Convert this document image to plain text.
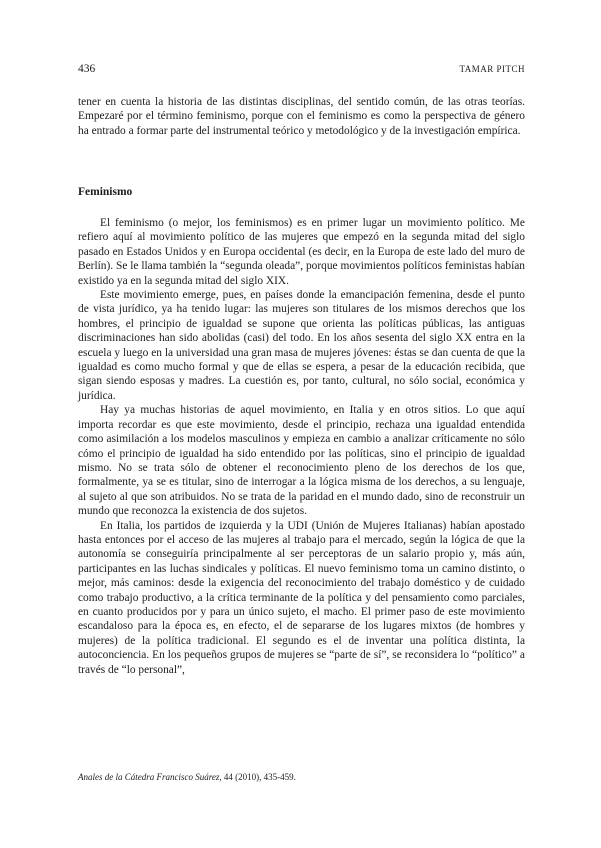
436	TAMAR PITCH

tener en cuenta la historia de las distintas disciplinas, del sentido común, de las otras teorías. Empezaré por el término feminismo, porque con el feminismo es como la perspectiva de género ha entrado a formar parte del instrumental teórico y metodológico y de la investigación empírica.

Feminismo

El feminismo (o mejor, los feminismos) es en primer lugar un movimiento político. Me refiero aquí al movimiento político de las mujeres que empezó en la segunda mitad del siglo pasado en Estados Unidos y en Europa occidental (es decir, en la Europa de este lado del muro de Berlín). Se le llama también la “segunda oleada”, porque movimientos políticos feministas habían existido ya en la segunda mitad del siglo XIX.

Este movimiento emerge, pues, en países donde la emancipación femenina, desde el punto de vista jurídico, ya ha tenido lugar: las mujeres son titulares de los mismos derechos que los hombres, el principio de igualdad se supone que orienta las políticas públicas, las antiguas discriminaciones han sido abolidas (casi) del todo. En los años sesenta del siglo XX entra en la escuela y luego en la universidad una gran masa de mujeres jóvenes: éstas se dan cuenta de que la igualdad es como mucho formal y que de ellas se espera, a pesar de la educación recibida, que sigan siendo esposas y madres. La cuestión es, por tanto, cultural, no sólo social, económica y jurídica.

Hay ya muchas historias de aquel movimiento, en Italia y en otros sitios. Lo que aquí importa recordar es que este movimiento, desde el principio, rechaza una igualdad entendida como asimilación a los modelos masculinos y empieza en cambio a analizar críticamente no sólo cómo el principio de igualdad ha sido entendido por las políticas, sino el principio de igualdad mismo. No se trata sólo de obtener el reconocimiento pleno de los derechos de los que, formalmente, ya se es titular, sino de interrogar a la lógica misma de los derechos, a su lenguaje, al sujeto al que son atribuidos. No se trata de la paridad en el mundo dado, sino de reconstruir un mundo que reconozca la existencia de dos sujetos.

En Italia, los partidos de izquierda y la UDI (Unión de Mujeres Italianas) habían apostado hasta entonces por el acceso de las mujeres al trabajo para el mercado, según la lógica de que la autonomía se conseguiría principalmente al ser perceptoras de un salario propio y, más aún, participantes en las luchas sindicales y políticas. El nuevo feminismo toma un camino distinto, o mejor, más caminos: desde la exigencia del reconocimiento del trabajo doméstico y de cuidado como trabajo productivo, a la crítica terminante de la política y del pensamiento como parciales, en cuanto producidos por y para un único sujeto, el macho. El primer paso de este movimiento escandaloso para la época es, en efecto, el de separarse de los lugares mixtos (de hombres y mujeres) de la política tradicional. El segundo es el de inventar una política distinta, la autoconciencia. En los pequeños grupos de mujeres se “parte de sí”, se reconsidera lo “político” a través de “lo personal”,

Anales de la Cátedra Francisco Suárez, 44 (2010), 435-459.
